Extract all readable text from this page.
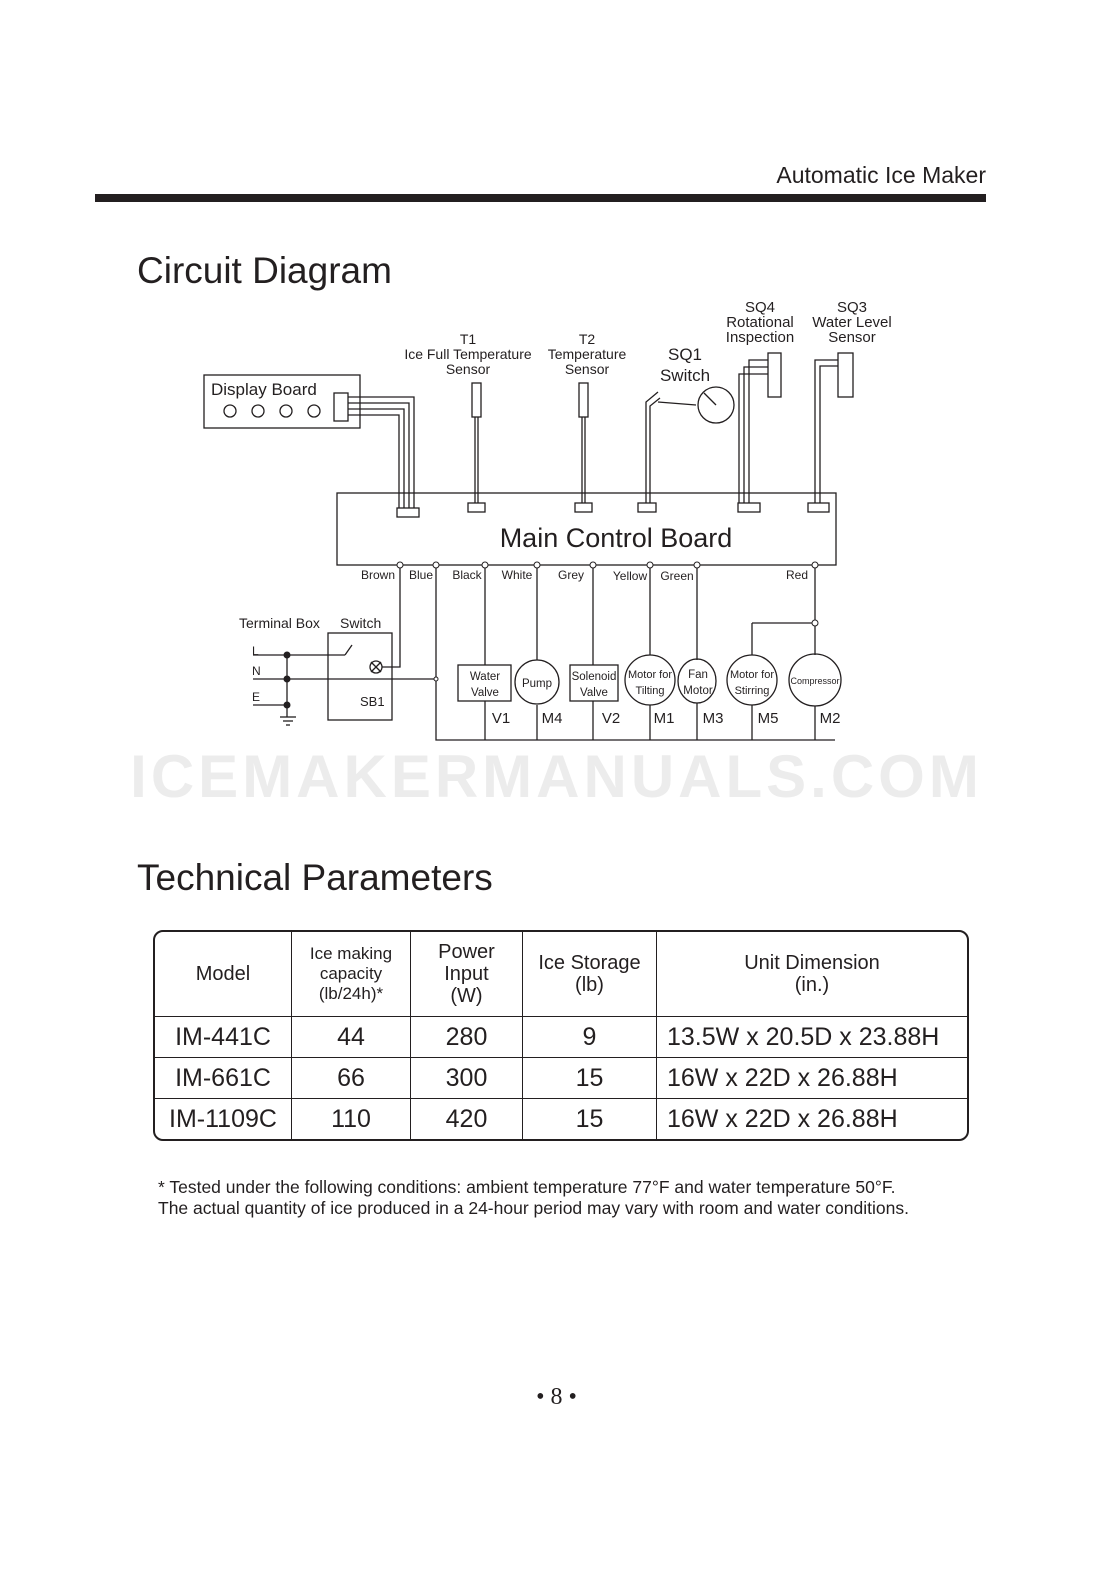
Automatic Ice Maker
Circuit Diagram
Display Board
Main Control Board
T1
Ice Full Temperature
Sensor
T2
Temperature
Sensor
SQ1
Switch
SQ4
Rotational
Inspection
SQ3
Water Level
Sensor
Brown Blue Black White Grey Yellow Green	Red
Terminal Box Switch
L
N
E	SB1
Water
Valve
V1
Pump
M4
Solenoid
Valve
V2
Motor for
Tilting
M1
Fan
Motor
M3
Motor for
Stirring
M5
Compressor
M2
ICEMAKERMANUALS.COM
Technical Parameters
Model	Ice making
capacity
(lb/24h)*	Power
Input
(W)	Ice Storage
(lb)	Unit Dimension
(in.)

IM-441C	44	280	9	13.5W x 20.5D x 23.88H
IM-661C	66	300	15	16W x 22D x 26.88H
IM-1109C	110	420	15	16W x 22D x 26.88H
* Tested under the following conditions: ambient temperature 77°F and water temperature 50°F.
The actual quantity of ice produced in a 24-hour period may vary with room and water conditions.
• 8 •
